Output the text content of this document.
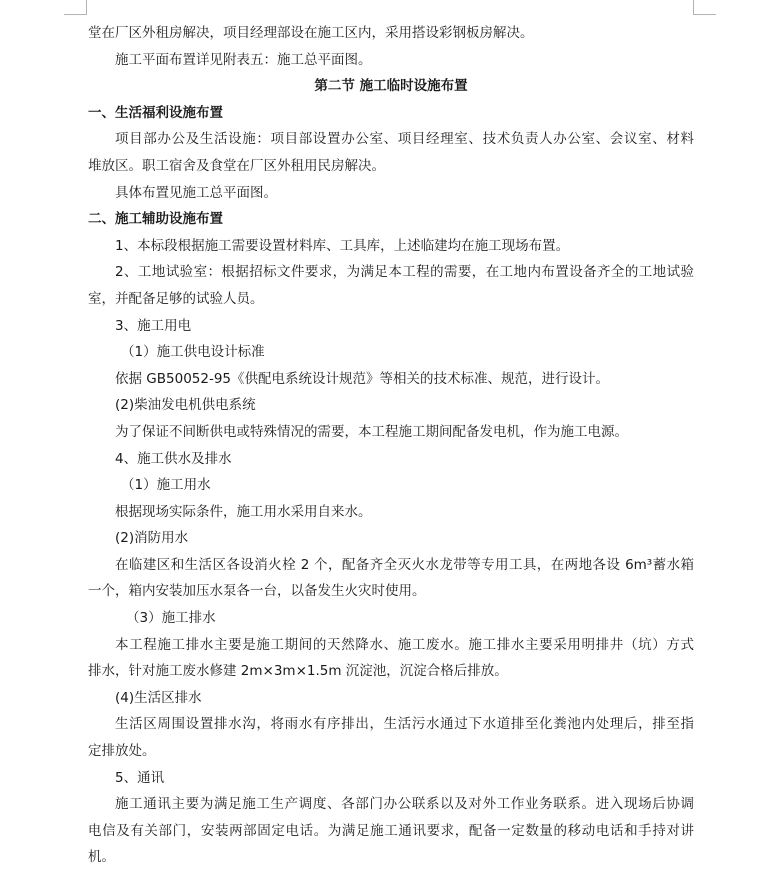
堂在厂区外租房解决，项目经理部设在施工区内，采用搭设彩钢板房解决。
施工平面布置详见附表五：施工总平面图。
第二节 施工临时设施布置
一、生活福利设施布置
项目部办公及生活设施：项目部设置办公室、项目经理室、技术负责人办公室、会议室、材料
堆放区。职工宿舍及食堂在厂区外租用民房解决。
具体布置见施工总平面图。
二、施工辅助设施布置
1、本标段根据施工需要设置材料库、工具库，上述临建均在施工现场布置。
2、工地试验室：根据招标文件要求，为满足本工程的需要，在工地内布置设备齐全的工地试验
室，并配备足够的试验人员。
3、施工用电
（1）施工供电设计标准
依据 GB50052-95《供配电系统设计规范》等相关的技术标准、规范，进行设计。
(2)柴油发电机供电系统
为了保证不间断供电或特殊情况的需要，本工程施工期间配备发电机，作为施工电源。
4、施工供水及排水
（1）施工用水
根据现场实际条件，施工用水采用自来水。
(2)消防用水
在临建区和生活区各设消火栓 2 个，配备齐全灭火水龙带等专用工具，在两地各设 6m³蓄水箱
一个，箱内安装加压水泵各一台，以备发生火灾时使用。
（3）施工排水
本工程施工排水主要是施工期间的天然降水、施工废水。施工排水主要采用明排井（坑）方式
排水，针对施工废水修建 2m×3m×1.5m 沉淀池，沉淀合格后排放。
(4)生活区排水
生活区周围设置排水沟，将雨水有序排出，生活污水通过下水道排至化粪池内处理后，排至指
定排放处。
5、通讯
施工通讯主要为满足施工生产调度、各部门办公联系以及对外工作业务联系。进入现场后协调
电信及有关部门，安装两部固定电话。为满足施工通讯要求，配备一定数量的移动电话和手持对讲
机。
